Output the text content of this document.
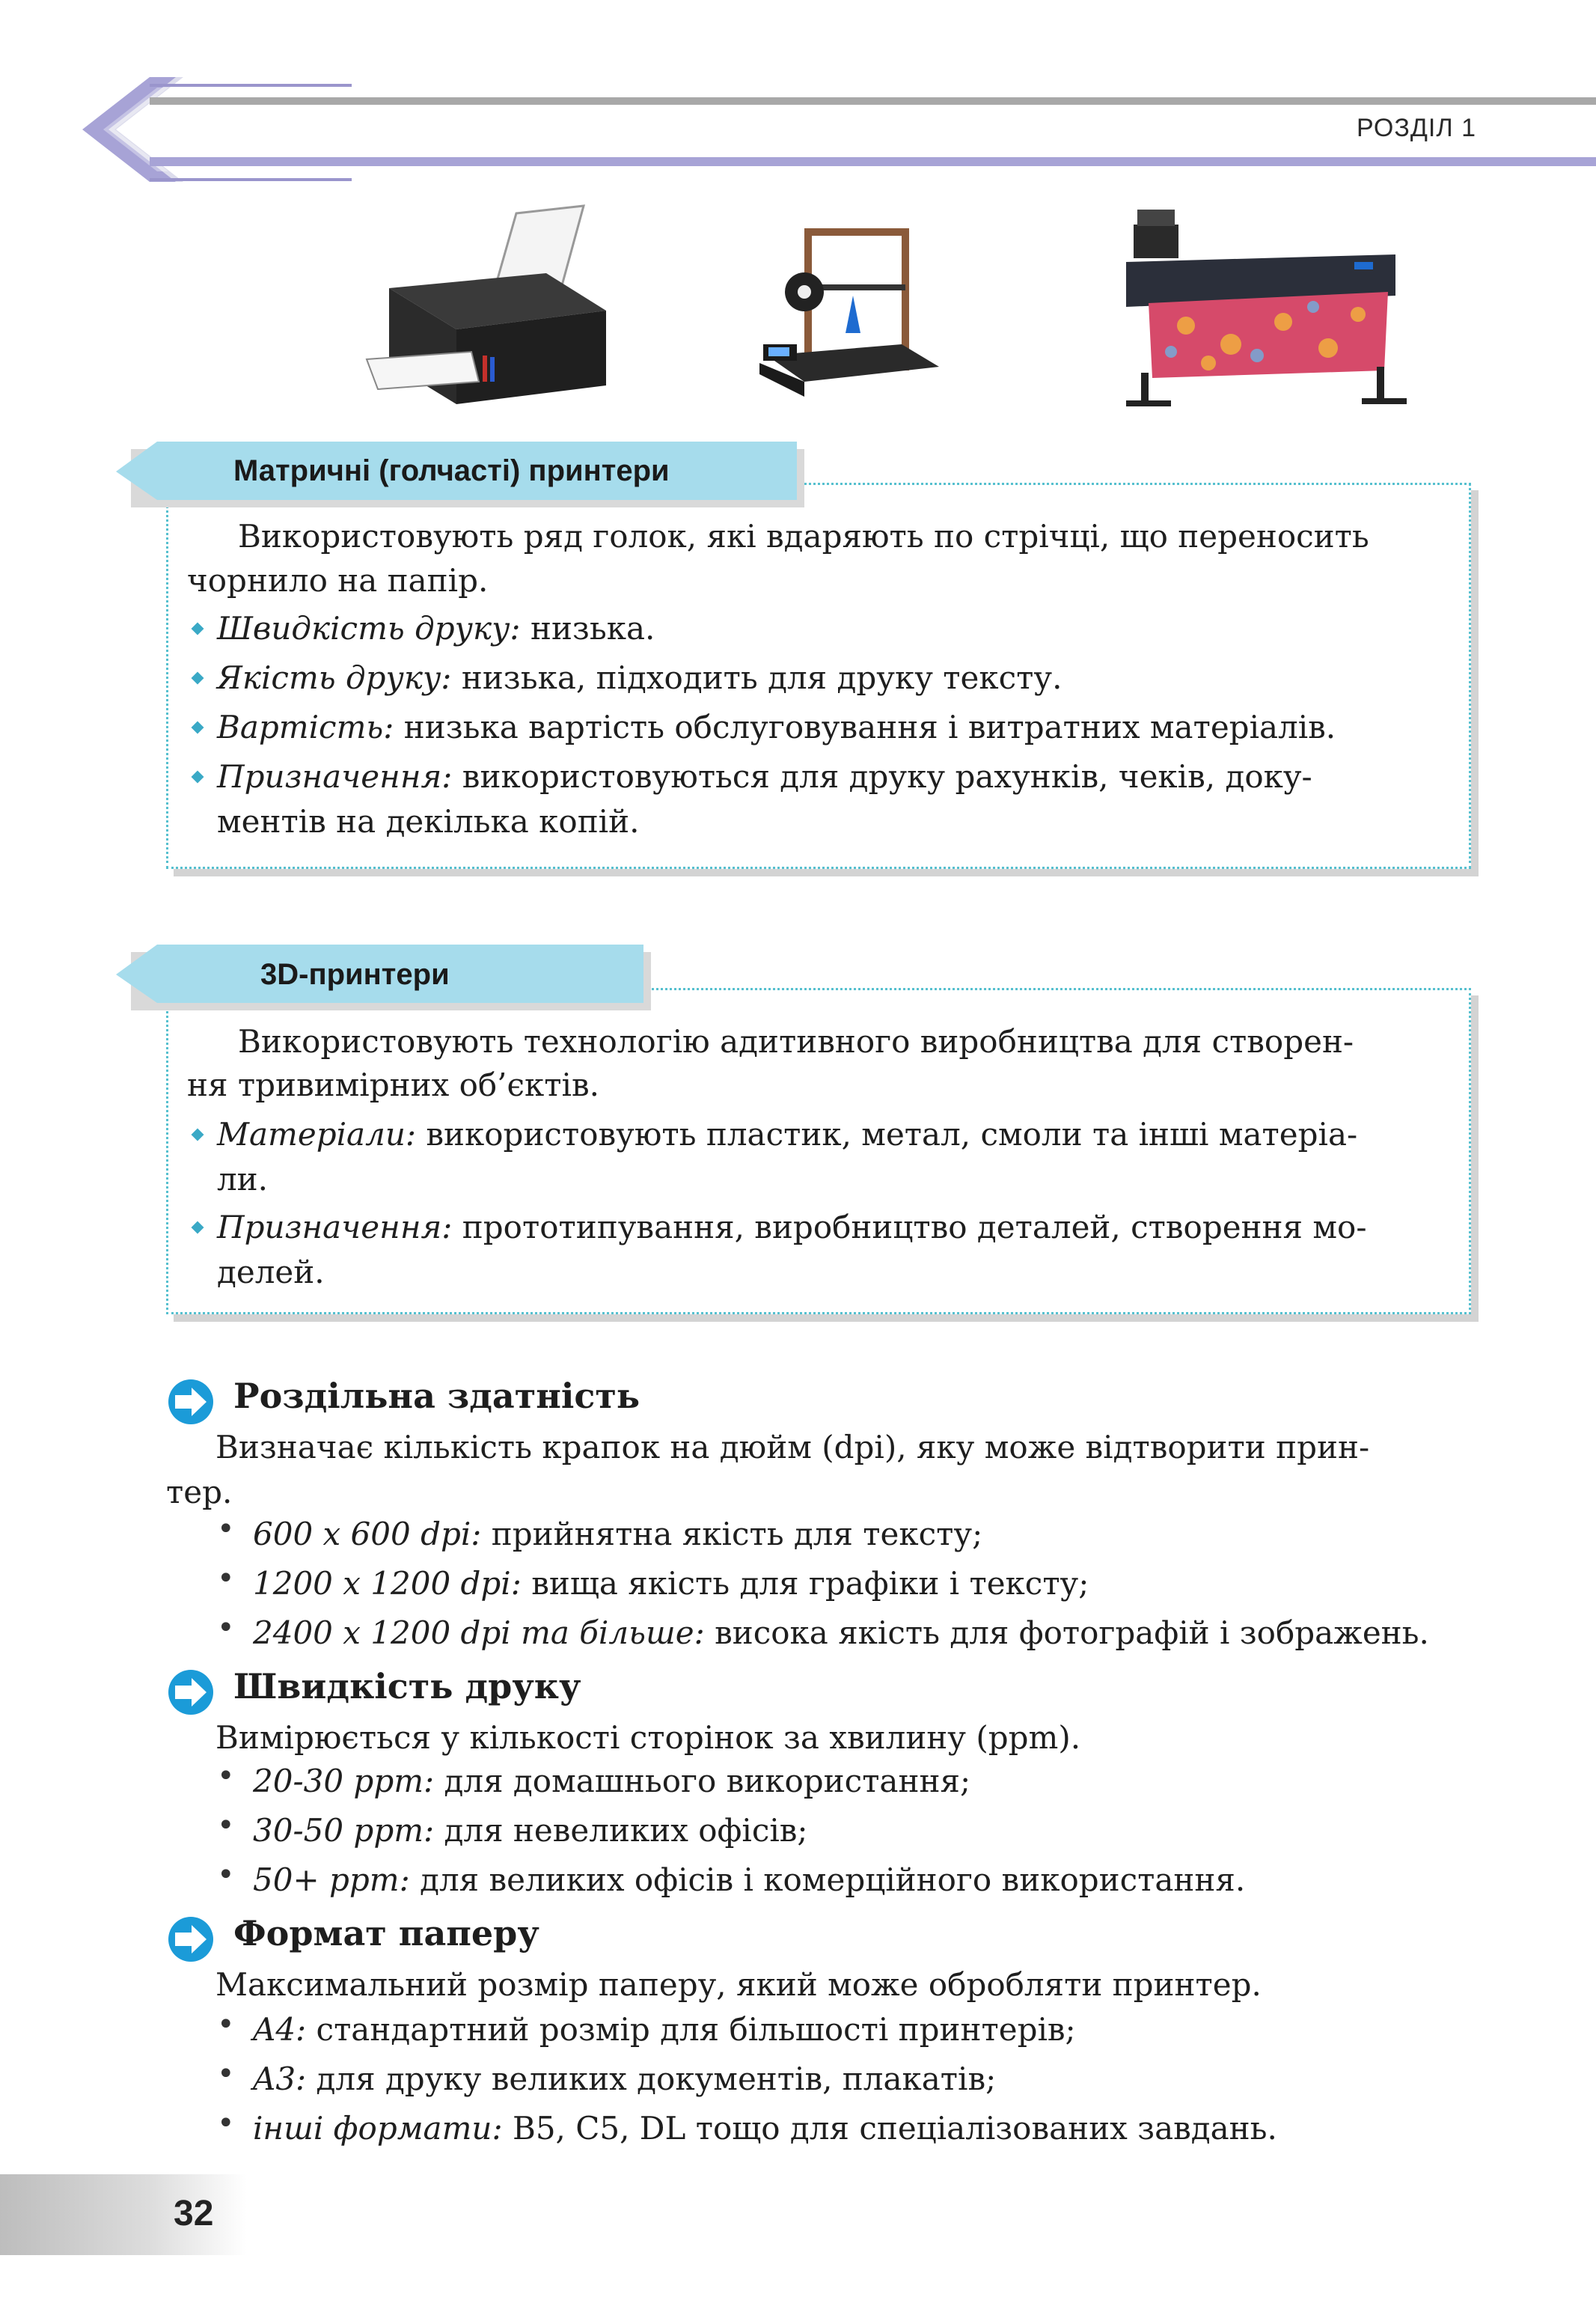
РОЗДІЛ 1
Матричні (голчасті) принтери
Використовують ряд голок, які вдаряють по стрічці, що переносить
чорнило на папір.
Швидкість друку: низька.
Якість друку: низька, підходить для друку тексту.
Вартість: низька вартість обслуговування і витратних матеріалів.
Призначення: використовуються для друку рахунків, чеків, доку-
ментів на декілька копій.
3D-принтери
Використовують технологію адитивного виробництва для створен-
ня тривимірних об’єктів.
Матеріали: використовують пластик, метал, смоли та інші матеріа-
ли.
Призначення: прототипування, виробництво деталей, створення мо-
делей.
Роздільна здатність
Визначає кількість крапок на дюйм (dpi), яку може відтворити прин-
тер.
• 600 x 600 dpi: прийнятна якість для тексту;
• 1200 x 1200 dpi: вища якість для графіки і тексту;
• 2400 x 1200 dpi та більше: висока якість для фотографій і зображень.
Швидкість друку
Вимірюється у кількості сторінок за хвилину (ppm).
• 20-30 ppm: для домашнього використання;
• 30-50 ppm: для невеликих офісів;
• 50+ ppm: для великих офісів і комерційного використання.
Формат паперу
Максимальний розмір паперу, який може обробляти принтер.
• A4: стандартний розмір для більшості принтерів;
• A3: для друку великих документів, плакатів;
• інші формати: B5, C5, DL тощо для спеціалізованих завдань.
32
